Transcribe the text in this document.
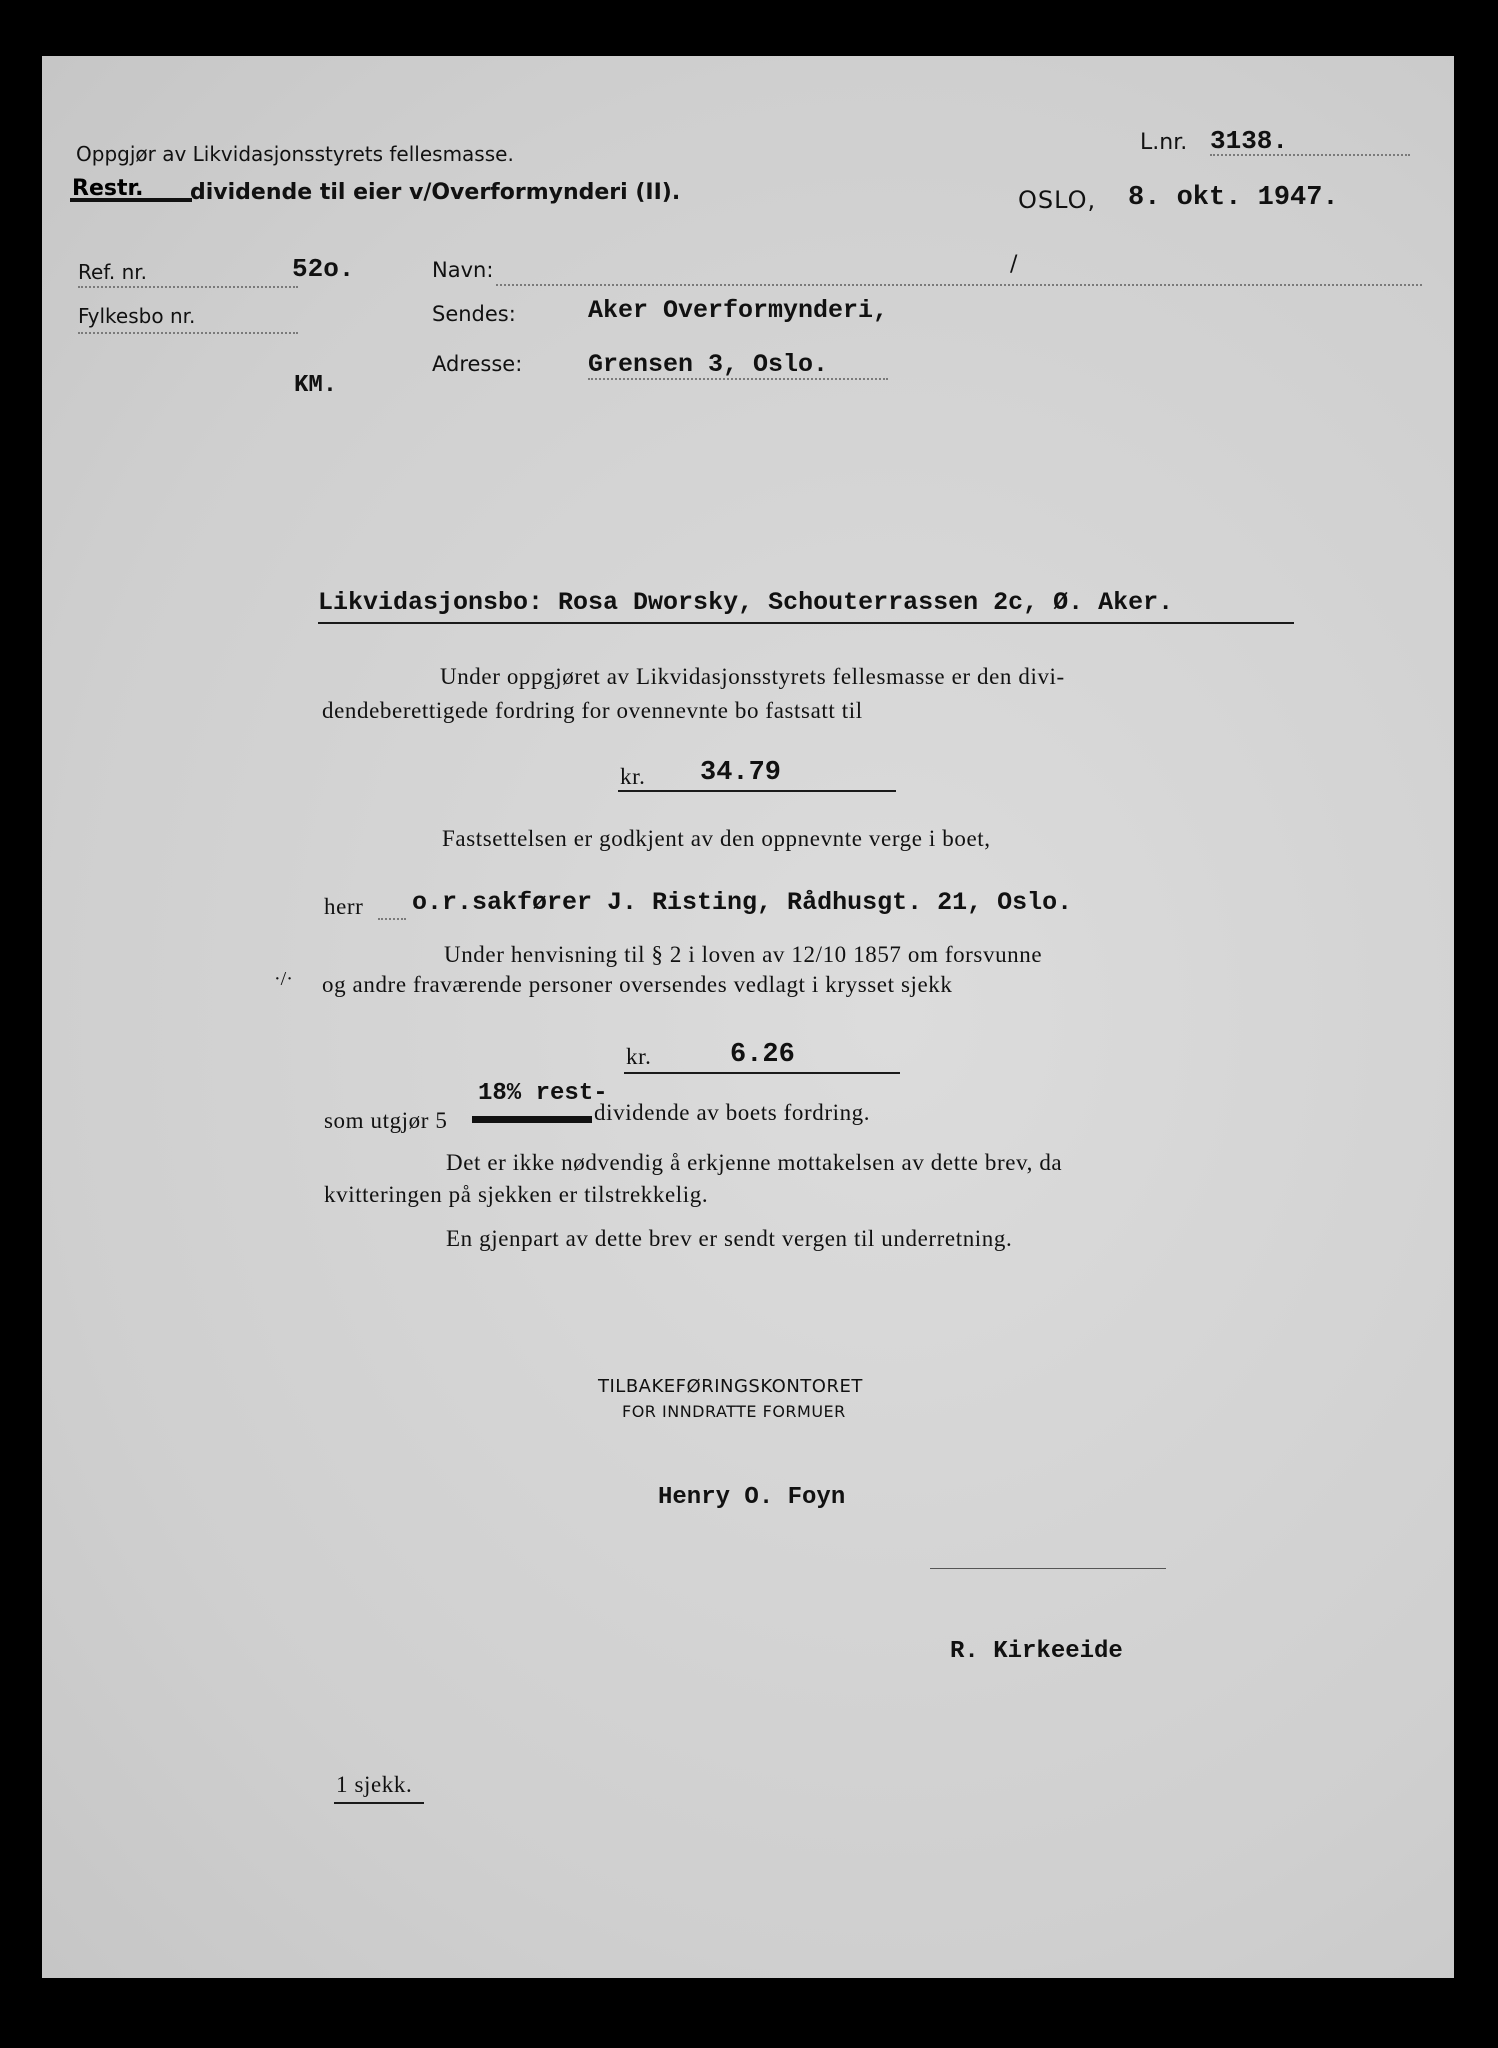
Oppgjør av Likvidasjonsstyrets fellesmasse.
Restr. dividende til eier v/Overformynderi (II).
L.nr. 3138.
OSLO, 8. okt. 1947.
Ref. nr.	52o.
Fylkesbo nr.
KM.
Navn:	/
Sendes:	Aker Overformynderi,
Adresse:	Grensen 3, Oslo.
Likvidasjonsbo: Rosa Dworsky, Schouterrassen 2c, Ø. Aker.
Under oppgjøret av Likvidasjonsstyrets fellesmasse er den divi-
dendeberettigede fordring for ovennevnte bo fastsatt til
kr. 34.79
Fastsettelsen er godkjent av den oppnevnte verge i boet,
herr o.r.sakfører J. Risting, Rådhusgt. 21, Oslo.
Under henvisning til § 2 i loven av 12/10 1857 om forsvunne
·/· og andre fraværende personer oversendes vedlagt i krysset sjekk
kr.	6.26
som utgjør 5
18% rest-
dividende av boets fordring.
Det er ikke nødvendig å erkjenne mottakelsen av dette brev, da
kvitteringen på sjekken er tilstrekkelig.
En gjenpart av dette brev er sendt vergen til underretning.
TILBAKEFØRINGSKONTORET
FOR INNDRATTE FORMUER
Henry O. Foyn
R. Kirkeeide
1 sjekk.
